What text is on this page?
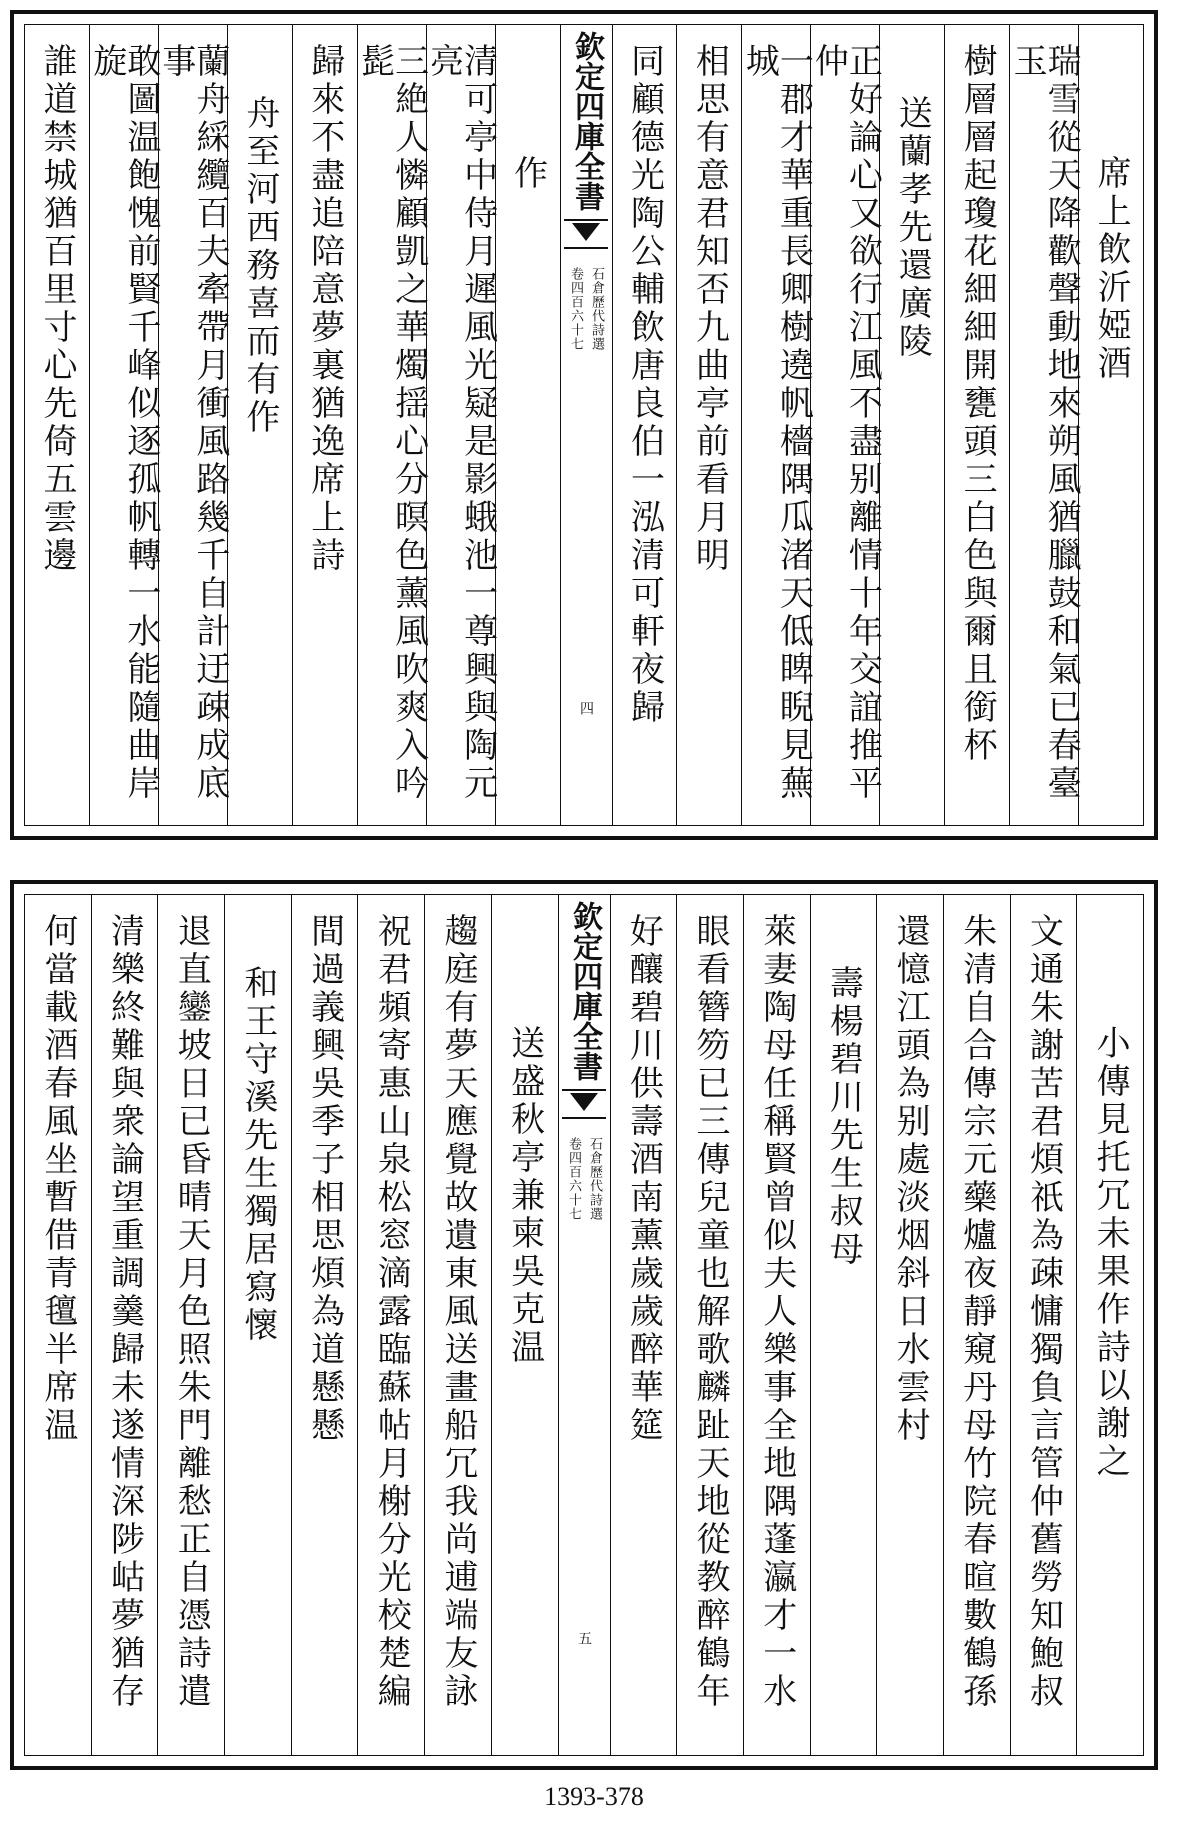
席上飲沂婭酒
瑞雪從天降歡聲動地來朔風猶臘鼓和氣已春臺玉
樹層層起瓊花細細開甕頭三白色與爾且銜杯
送蘭孝先還廣陵
正好論心又欲行江風不盡别離情十年交誼推平仲
一郡才華重長卿樹遶帆檣隅瓜渚天低睥睨見蕪城
相思有意君知否九曲亭前看月明
同顧德光陶公輔飲唐良伯一泓清可軒夜歸
欽定四庫全書
石倉歷代詩選
卷四百六十七
四
作
清可亭中侍月遲風光疑是影蛾池一尊興與陶元亮
三絶人憐顧凱之華燭揺心分暝色薰風吹爽入吟髭
歸來不盡追陪意夢裏猶𨓜席上詩
舟至河西務喜而有作
蘭舟綵纜百夫牽帶月衝風路幾千自計迂疎成底事
敢圖温飽愧前賢千峰似逐孤帆轉一水能隨曲岸旋
誰道禁城猶百里寸心先倚五雲邊
小傳見托冗未果作詩以謝之
文通朱謝苦君煩祇為疎慵獨負言管仲舊勞知鮑叔
朱清自合傳宗元藥爐夜靜窺丹母竹院春暄數鶴孫
還憶江頭為别處淡烟斜日水雲村
壽楊碧川先生叔母
萊妻陶母任稱賢曾似夫人樂事全地隅蓬瀛才一水
眼看簪笏已三傳兒童也解歌麟趾天地從教醉鶴年
好釀碧川供壽酒南薰歲歲醉華筵
欽定四庫全書
石倉歷代詩選
卷四百六十七
五
送盛秋亭兼柬吳克温
趨庭有夢天應覺故遺東風送畫船冗我尚逋端友詠
祝君頻寄惠山泉松窓滴露臨蘇帖月榭分光校楚編
間過義興吳季子相思煩為道懸懸
和王守溪先生獨居寫懷
退直鑾坡日已昏晴天月色照朱門離愁正自憑詩遣
清樂終難與衆論望重調羹歸未遂情深陟岵夢猶存
何當載酒春風坐暫借青氊半席温
1393-378
